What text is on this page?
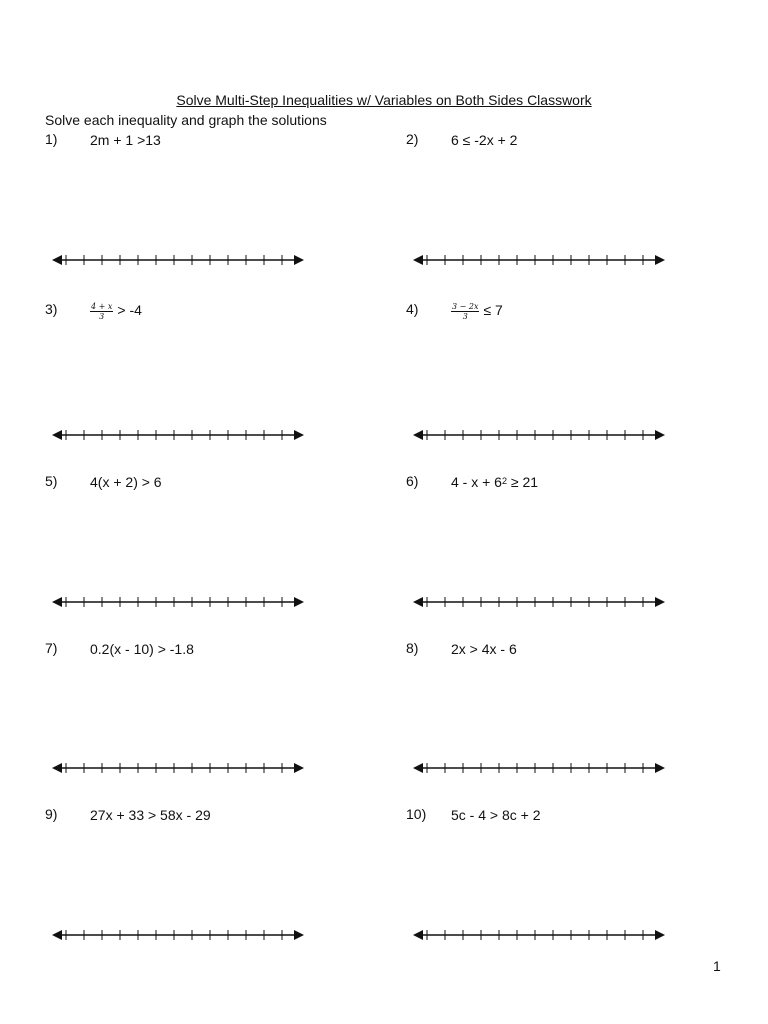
Solve Multi-Step Inequalities w/ Variables on Both Sides Classwork
Solve each inequality and graph the solutions
1) 2m + 1 >13	2) 6 ≤ -2x + 2
3)	$\frac{4 + x}{3} > -4$	4)	$\frac{3 - 2x}{3} \le 7$
5) 4(x + 2) > 6	6) $4 - x + 6^2 \ge 21$
7) 0.2(x - 10) > -1.8	8) 2x > 4x - 6
9) 27x + 33 > 58x - 29	10) 5c - 4 > 8c + 2
1
